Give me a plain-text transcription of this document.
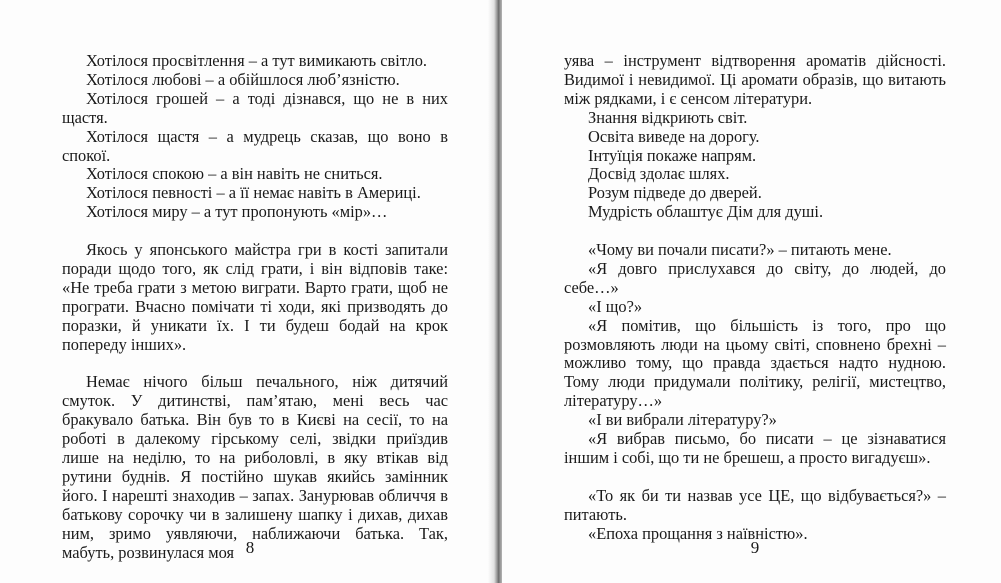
Хотілося просвітлення – а тут вимикають світло.

Хотілося любові – а обійшлося люб’язністю.

Хотілося грошей – а тоді дізнався, що не в них щастя.

Хотілося щастя – а мудрець сказав, що воно в спокої.

Хотілося спокою – а він навіть не сниться.

Хотілося певності – а її немає навіть в Америці.

Хотілося миру – а тут пропонують «мір»…

Якось у японського майстра гри в кості запитали поради щодо того, як слід грати, і він відповів таке: «Не треба грати з метою виграти. Варто грати, щоб не програти. Вчасно помічати ті ходи, які призводять до поразки, й уникати їх. І ти будеш бодай на крок попереду інших».

Немає нічого більш печального, ніж дитячий смуток. У дитинстві, пам’ятаю, мені весь час бракувало батька. Він був то в Києві на сесії, то на роботі в далекому гірському селі, звідки приїздив лише на неділю, то на риболовлі, в яку втікав від рутини буднів. Я постійно шукав якийсь замінник його. І нарешті знаходив – запах. Занурював обличчя в батькову сорочку чи в залишену шапку і дихав, дихав ним, зримо уявляючи, наближаючи батька. Так, мабуть, розвинулася моя 8

уява – інструмент відтворення ароматів дійсності. Видимої і невидимої. Ці аромати образів, що витають між рядками, і є сенсом літератури.

Знання відкриють світ.

Освіта виведе на дорогу.

Інтуїція покаже напрям.

Досвід здолає шлях.

Розум підведе до дверей.

Мудрість облаштує Дім для душі.

«Чому ви почали писати?» – питають мене.

«Я довго прислухався до світу, до людей, до себе…»

«І що?»

«Я помітив, що більшість із того, про що розмовляють люди на цьому світі, сповнено брехні – можливо тому, що правда здається надто нудною. Тому люди придумали політику, релігії, мистецтво, літературу…»

«І ви вибрали літературу?»

«Я вибрав письмо, бо писати – це зізнаватися іншим і собі, що ти не брешеш, а просто вигадуєш».

«То як би ти назвав усе ЦЕ, що відбувається?» – питають.

«Епоха прощання з наївністю».

9
